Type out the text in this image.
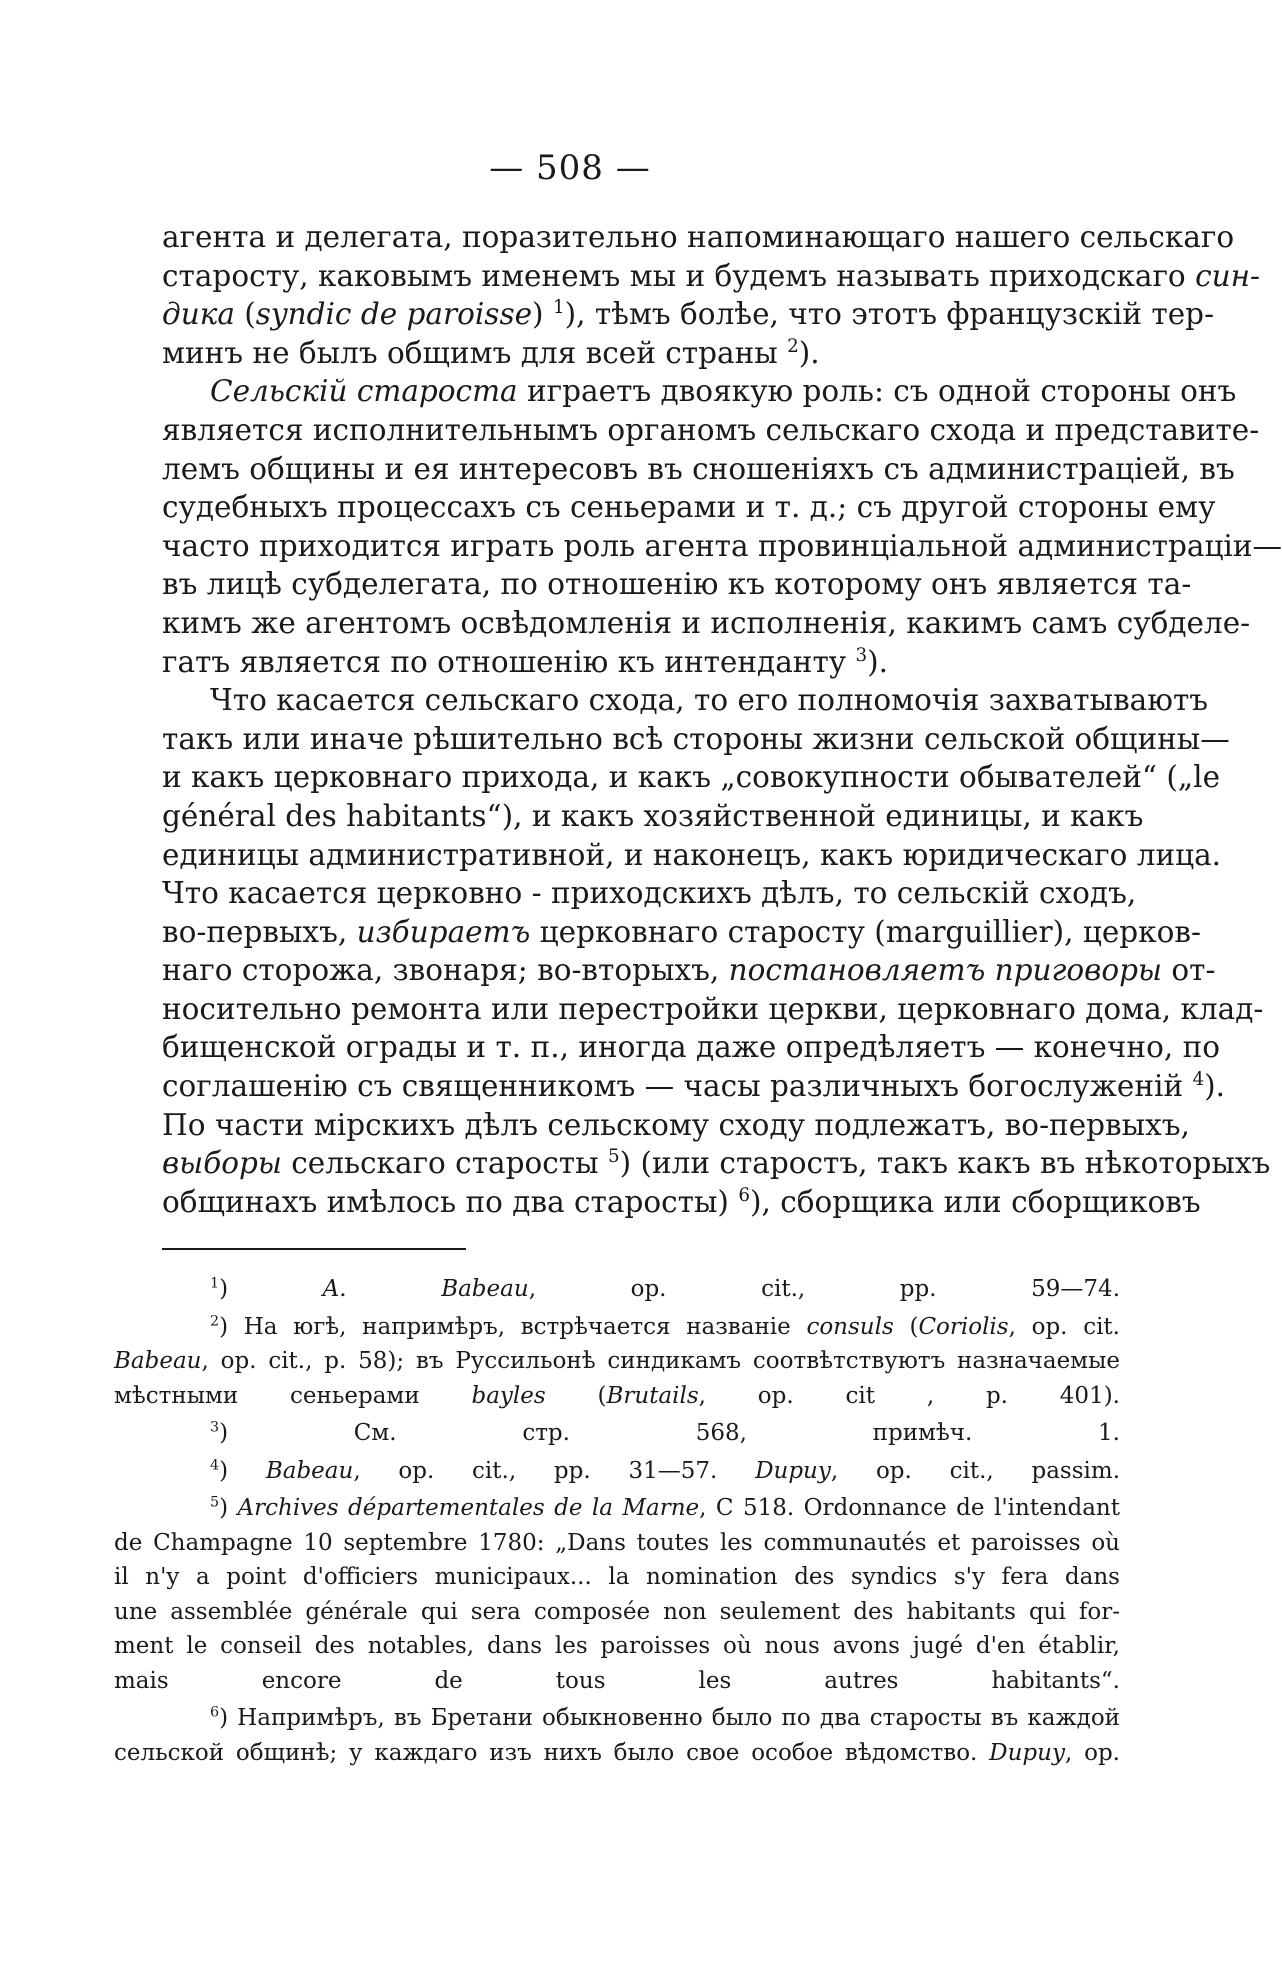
— 508 —

агента и делегата, поразительно напоминающаго нашего сельскаго
старосту, каковымъ именемъ мы и будемъ называть приходскаго син-
дика (syndic de paroisse) $^1$), тѣмъ болѣе, что этотъ французскій тер-
минъ не былъ общимъ для всей страны $^2$).

Сельскій староста играетъ двоякую роль: съ одной стороны онъ
является исполнительнымъ органомъ сельскаго схода и представите-
лемъ общины и ея интересовъ въ сношеніяхъ съ администраціей, въ
судебныхъ процессахъ съ сеньерами и т. д.; съ другой стороны ему
часто приходится играть роль агента провинціальной администраціи—
въ лицѣ субделегата, по отношенію къ которому онъ является та-
кимъ же агентомъ освѣдомленія и исполненія, какимъ самъ субделе-
гатъ является по отношенію къ интенданту $^3$).

Что касается сельскаго схода, то его полномочія захватываютъ
такъ или иначе рѣшительно всѣ стороны жизни сельской общины—
и какъ церковнаго прихода, и какъ „совокупности обывателей“ („le
général des habitants“), и какъ хозяйственной единицы, и какъ
единицы административной, и наконецъ, какъ юридическаго лица.
Что касается церковно - приходскихъ дѣлъ, то сельскій сходъ,
во-первыхъ, избираетъ церковнаго старосту (marguillier), церков-
наго сторожа, звонаря; во-вторыхъ, постановляетъ приговоры от-
носительно ремонта или перестройки церкви, церковнаго дома, клад-
бищенской ограды и т. п., иногда даже опредѣляетъ — конечно, по
соглашенію съ священникомъ — часы различныхъ богослуженій $^4$).
По части мірскихъ дѣлъ сельскому сходу подлежатъ, во-первыхъ,
выборы сельскаго старосты $^5$) (или старостъ, такъ какъ въ нѣкоторыхъ
общинахъ имѣлось по два старосты) $^6$), сборщика или сборщиковъ

$^1$) A. Babeau, op. cit., pp. 59—74.

$^2$) На югѣ, напримѣръ, встрѣчается названіе consuls (Coriolis, op. cit.
Babeau, op. cit., p. 58); въ Руссильонѣ синдикамъ соотвѣтствуютъ назначаемые
мѣстными сеньерами bayles (Brutails, op. cit , p. 401).

$^3$) См. стр. 568, примѣч. 1.

$^4$) Babeau, op. cit., pp. 31—57. Dupuy, op. cit., passim.

$^5$) Archives départementales de la Marne, C 518. Ordonnance de l'intendant
de Champagne 10 septembre 1780: „Dans toutes les communautés et paroisses où
il n'y a point d'officiers municipaux... la nomination des syndics s'y fera dans
une assemblée générale qui sera composée non seulement des habitants qui for-
ment le conseil des notables, dans les paroisses où nous avons jugé d'en établir,
mais encore de tous les autres habitants“.

$^6$) Напримѣръ, въ Бретани обыкновенно было по два старосты въ каждой
сельской общинѣ; у каждаго изъ нихъ было свое особое вѣдомство. Dupuy, op.
